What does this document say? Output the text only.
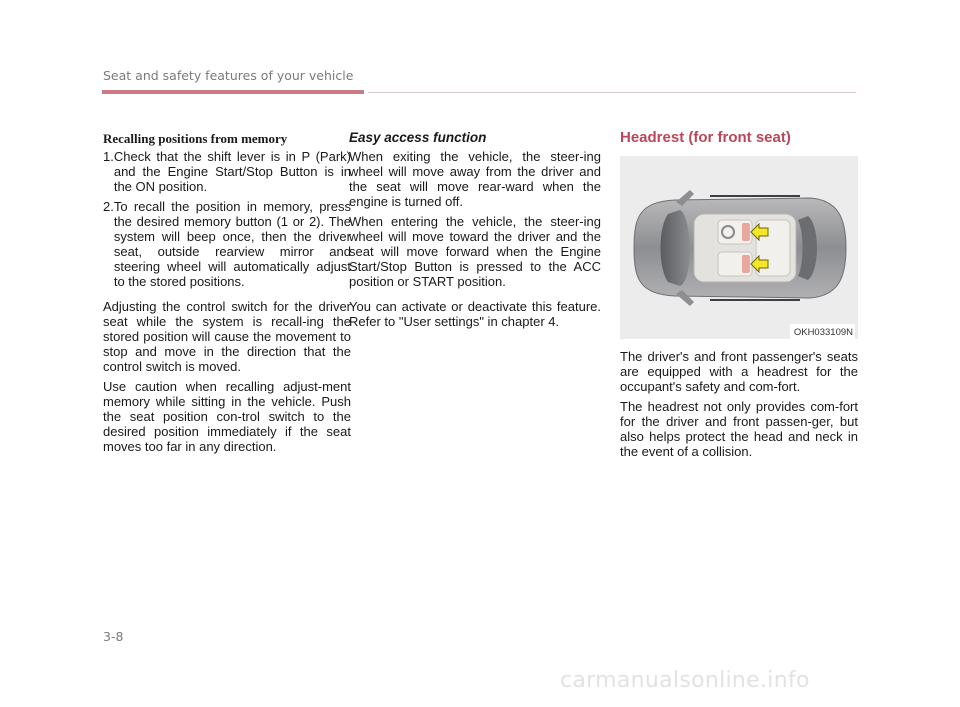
Seat and safety features of your vehicle
Recalling positions from memory
1. Check that the shift lever is in P (Park) and the Engine Start/Stop Button is in the ON position.
2. To recall the position in memory, press the desired memory button (1 or 2). The system will beep once, then the driver seat, outside rearview mirror and steering wheel will automatically adjust to the stored positions.

Adjusting the control switch for the driver seat while the system is recall-ing the stored position will cause the movement to stop and move in the direction that the control switch is moved.

Use caution when recalling adjust-ment memory while sitting in the vehicle. Push the seat position con-trol switch to the desired position immediately if the seat moves too far in any direction.

Easy access function

When exiting the vehicle, the steer-ing wheel will move away from the driver and the seat will move rear-ward when the engine is turned off.

When entering the vehicle, the steer-ing wheel will move toward the driver and the seat will move forward when the Engine Start/Stop Button is pressed to the ACC position or START position.

You can activate or deactivate this feature. Refer to "User settings" in chapter 4.

Headrest (for front seat)
OKH033109N

The driver's and front passenger's seats are equipped with a headrest for the occupant's safety and com-fort.

The headrest not only provides com-fort for the driver and front passen-ger, but also helps protect the head and neck in the event of a collision.

3-8
carmanualsonline.info
